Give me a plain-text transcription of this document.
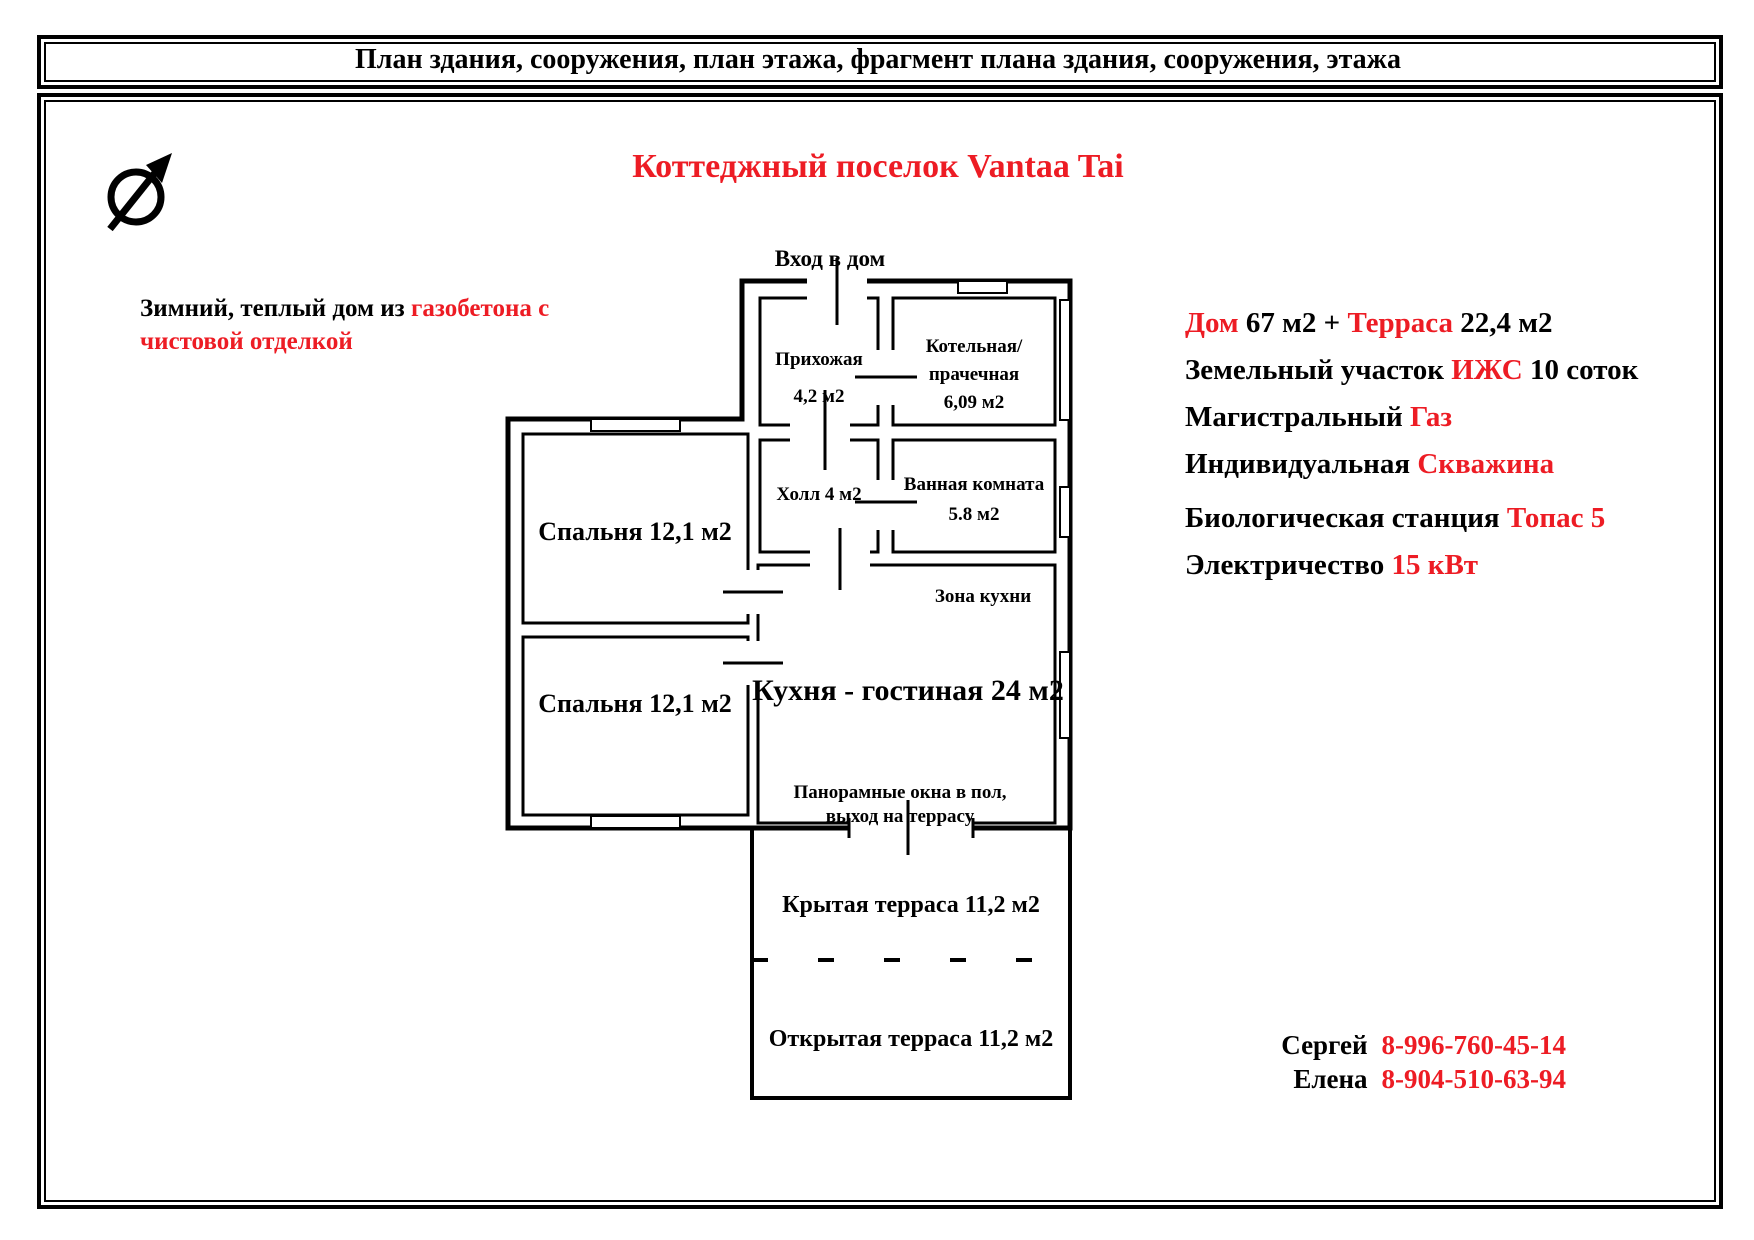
План здания, сооружения, план этажа, фрагмент плана здания, сооружения, этажа
Коттеджный поселок Vantaa Tai
Зимний, теплый дом из газобетона с чистовой отделкой
Вход в дом
Прихожая
4,2 м2
Котельная/
прачечная
6,09 м2
Холл 4 м2 Ванная комната
5.8 м2
Спальня 12,1 м2
Спальня 12,1 м2
Зона кухни
Кухня - гостиная 24 м2
Панорамные окна в пол,
выход на террасу
Крытая терраса 11,2 м2
Открытая терраса 11,2 м2
Дом 67 м2 + Терраса 22,4 м2
Земельный участок ИЖС 10 соток
Магистральный Газ
Индивидуальная Скважина
Биологическая станция Топас 5
Электричество 15 кВт
Сергей 8-996-760-45-14
Елена 8-904-510-63-94
